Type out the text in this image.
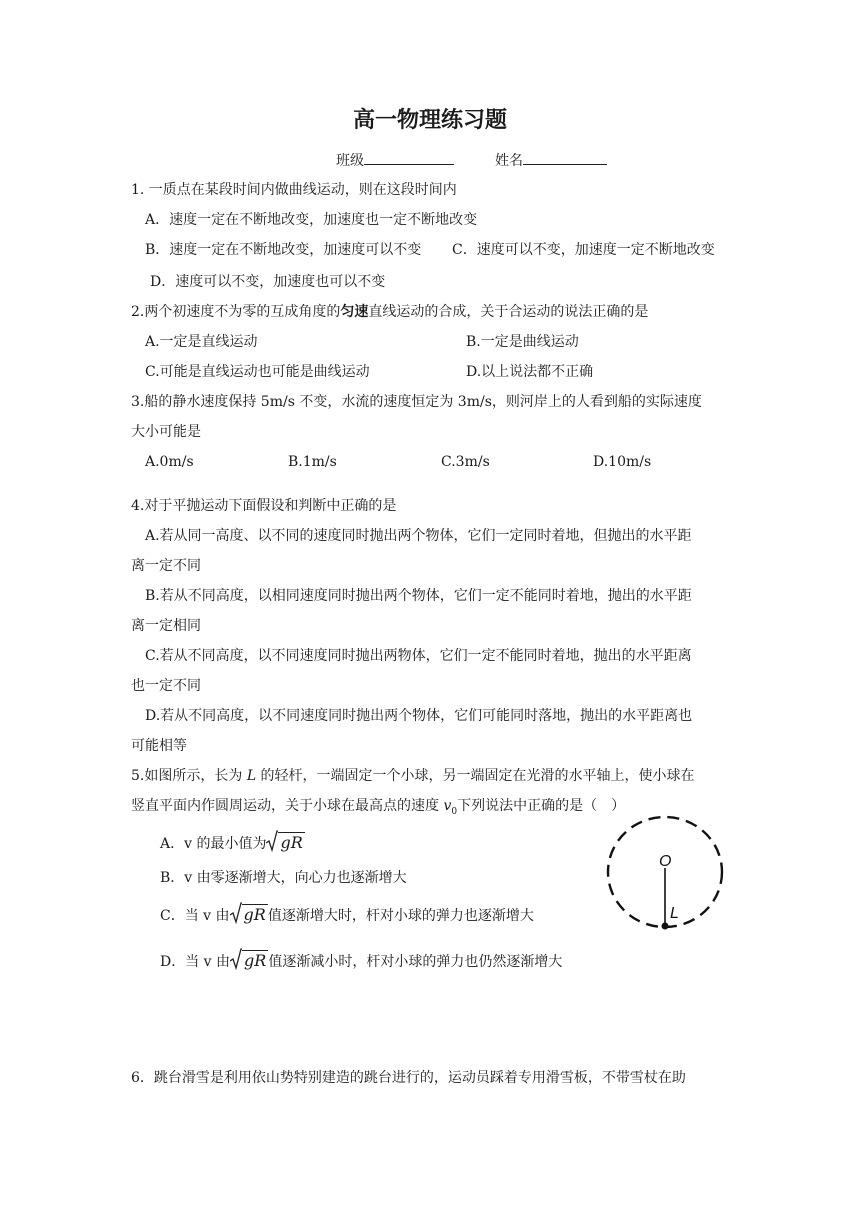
高一物理练习题
班级	姓名
1. 一质点在某段时间内做曲线运动，则在这段时间内
A．速度一定在不断地改变，加速度也一定不断地改变
B．速度一定在不断地改变，加速度可以不变 C．速度可以不变，加速度一定不断地改变
D．速度可以不变，加速度也可以不变
2.两个初速度不为零的互成角度的匀速直线运动的合成，关于合运动的说法正确的是
A.一定是直线运动	B.一定是曲线运动
C.可能是直线运动也可能是曲线运动	D.以上说法都不正确
3.船的静水速度保持 5m/s 不变，水流的速度恒定为 3m/s，则河岸上的人看到船的实际速度
大小可能是
A.0m/s	B.1m/s	C.3m/s	D.10m/s
4.对于平抛运动下面假设和判断中正确的是
A.若从同一高度、以不同的速度同时抛出两个物体，它们一定同时着地，但抛出的水平距
离一定不同
B.若从不同高度，以相同速度同时抛出两个物体，它们一定不能同时着地，抛出的水平距
离一定相同
C.若从不同高度，以不同速度同时抛出两物体，它们一定不能同时着地，抛出的水平距离
也一定不同
D.若从不同高度，以不同速度同时抛出两个物体，它们可能同时落地，抛出的水平距离也
可能相等
5.如图所示，长为 L 的轻杆，一端固定一个小球，另一端固定在光滑的水平轴上，使小球在
竖直平面内作圆周运动，关于小球在最高点的速度 $v_0$下列说法中正确的是（　）
A．v 的最小值为 gR
B．v 由零逐渐增大，向心力也逐渐增大
C．当 v 由 gR 值逐渐增大时，杆对小球的弹力也逐渐增大
D．当 v 由 gR 值逐渐减小时，杆对小球的弹力也仍然逐渐增大
O
L
6．跳台滑雪是利用依山势特别建造的跳台进行的，运动员踩着专用滑雪板，不带雪杖在助
